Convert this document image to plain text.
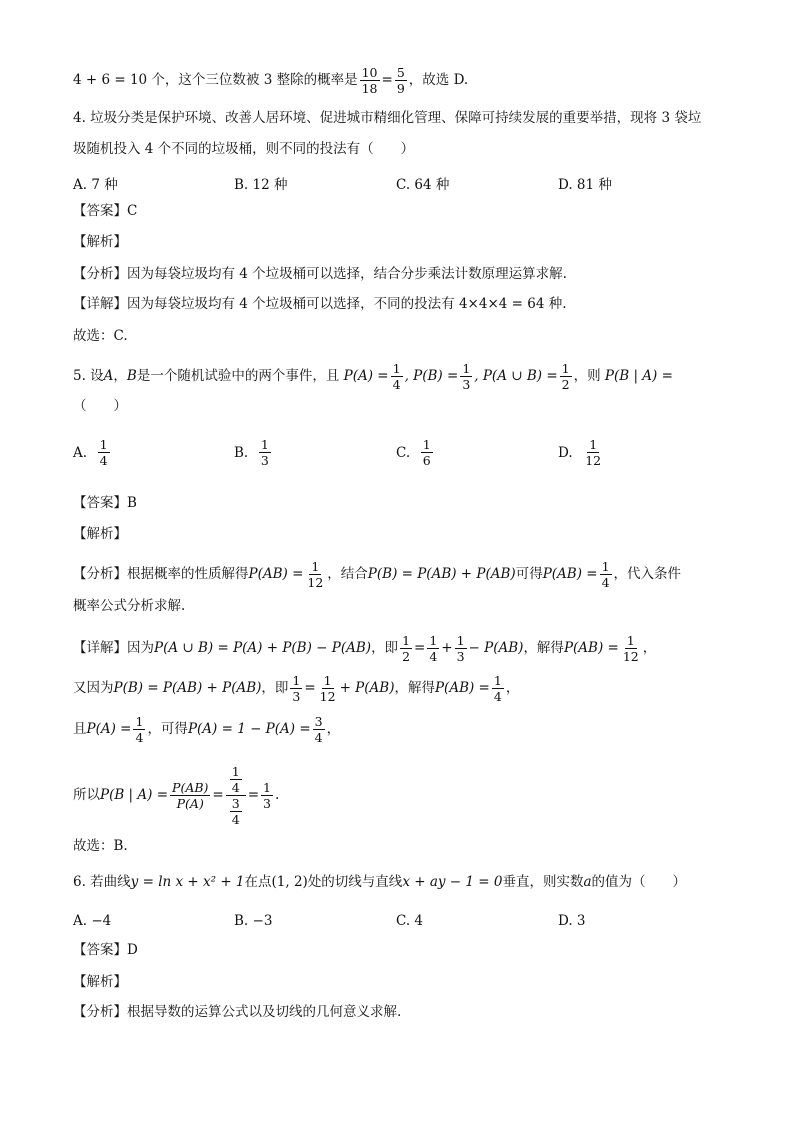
4 + 6 = 10 个，这个三位数被 3 整除的概率是 $\frac{10}{18} = \frac{5}{9}$ ，故选 D.
4. 垃圾分类是保护环境、改善人居环境、促进城市精细化管理、保障可持续发展的重要举措，现将 3 袋垃
圾随机投入 4 个不同的垃圾桶，则不同的投法有（　　）
A. 7 种	B. 12 种	C. 64 种	D. 81 种
【答案】C
【解析】
【分析】因为每袋垃圾均有 4 个垃圾桶可以选择，结合分步乘法计数原理运算求解.
【详解】因为每袋垃圾均有 4 个垃圾桶可以选择，不同的投法有 4×4×4 = 64 种.
故选：C.
5. 设 A ， B 是一个随机试验中的两个事件，且
$P(A) = \frac{1}{4}$ , $P(B) = \frac{1}{3}$ , P(A ∪ $B) = \frac{1}{2}$ ，则
P(B | A) =
（　　）
A.
$\frac{1}{4}$	B.
$\frac{1}{3}$	C.
$\frac{1}{6}$	D.
$\frac{1}{12}$
【答案】B
【解析】
【分析】根据概率的性质解得 $P(AB) = \frac{1}{12}$ ，结合 P(B) = P(AB) + P(AB) 可得 $P(AB) = \frac{1}{4}$ ，代入条件
概率公式分析求解.
【详解】因为 P(A ∪ B) = P(A) + P(B) − P(AB) ，即 $\frac{1}{2} = \frac{1}{4} + \frac{1}{3} - P(AB)$ ，解得 $P(AB) = \frac{1}{12}$ ，
又因为 P(B) = P(AB) + P(AB) ，即 $\frac{1}{3} = \frac{1}{12} + P(AB)$ ，解得 $P(AB) = \frac{1}{4}$ ，
且 $P(A) = \frac{1}{4}$ ，可得 $P(A) = 1 - P(A) = \frac{3}{4}$ ，
所以 P(B | $A) = \frac{P(AB)}{P(A)} = \frac{\frac{1}{4}}{\frac{3}{4}} = \frac{1}{3}$ .
故选：B.
6. 若曲线 y = ln x + x² + 1 在点 (1, 2) 处的切线与直线 x + ay − 1 = 0 垂直，则实数 a 的值为（　　）
A. −4	B. −3	C. 4	D. 3
【答案】D
【解析】
【分析】根据导数的运算公式以及切线的几何意义求解.
